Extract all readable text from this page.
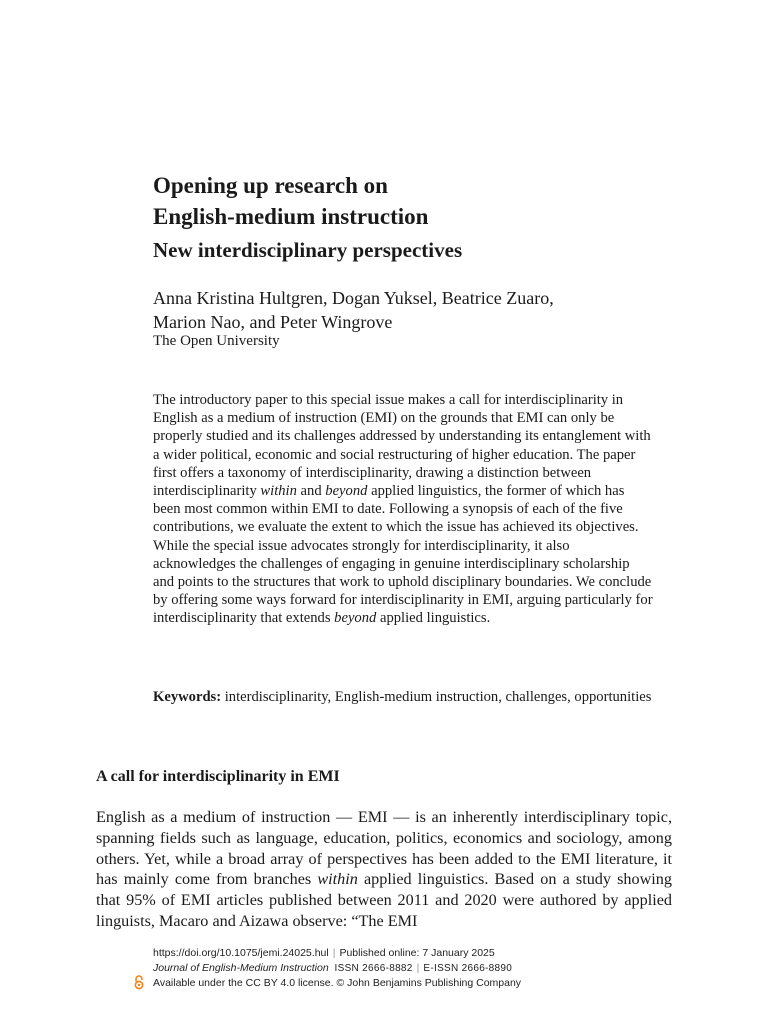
Opening up research on
English-medium instruction
New interdisciplinary perspectives
Anna Kristina Hultgren, Dogan Yuksel, Beatrice Zuaro,
Marion Nao, and Peter Wingrove
The Open University

The introductory paper to this special issue makes a call for interdisciplinarity in English as a medium of instruction (EMI) on the grounds that EMI can only be properly studied and its challenges addressed by understanding its entanglement with a wider political, economic and social restructuring of higher education. The paper first offers a taxonomy of interdisciplinarity, drawing a distinction between interdisciplinarity within and beyond applied linguistics, the former of which has been most common within EMI to date. Following a synopsis of each of the five contributions, we evaluate the extent to which the issue has achieved its objectives. While the special issue advocates strongly for interdisciplinarity, it also acknowledges the challenges of engaging in genuine interdisciplinary scholarship and points to the structures that work to uphold disciplinary boundaries. We conclude by offering some ways forward for interdisciplinarity in EMI, arguing particularly for interdisciplinarity that extends beyond applied linguistics.

Keywords: interdisciplinarity, English-medium instruction, challenges, opportunities

A call for interdisciplinarity in EMI

English as a medium of instruction — EMI — is an inherently interdisciplinary topic, spanning fields such as language, education, politics, economics and sociology, among others. Yet, while a broad array of perspectives has been added to the EMI literature, it has mainly come from branches within applied linguistics. Based on a study showing that 95% of EMI articles published between 2011 and 2020 were authored by applied linguists, Macaro and Aizawa observe: “The EMI

https://doi.org/10.1075/jemi.24025.hul | Published online: 7 January 2025
Journal of English-Medium Instruction ISSN 2666-8882 | E-ISSN 2666-8890
Available under the CC BY 4.0 license. © John Benjamins Publishing Company
